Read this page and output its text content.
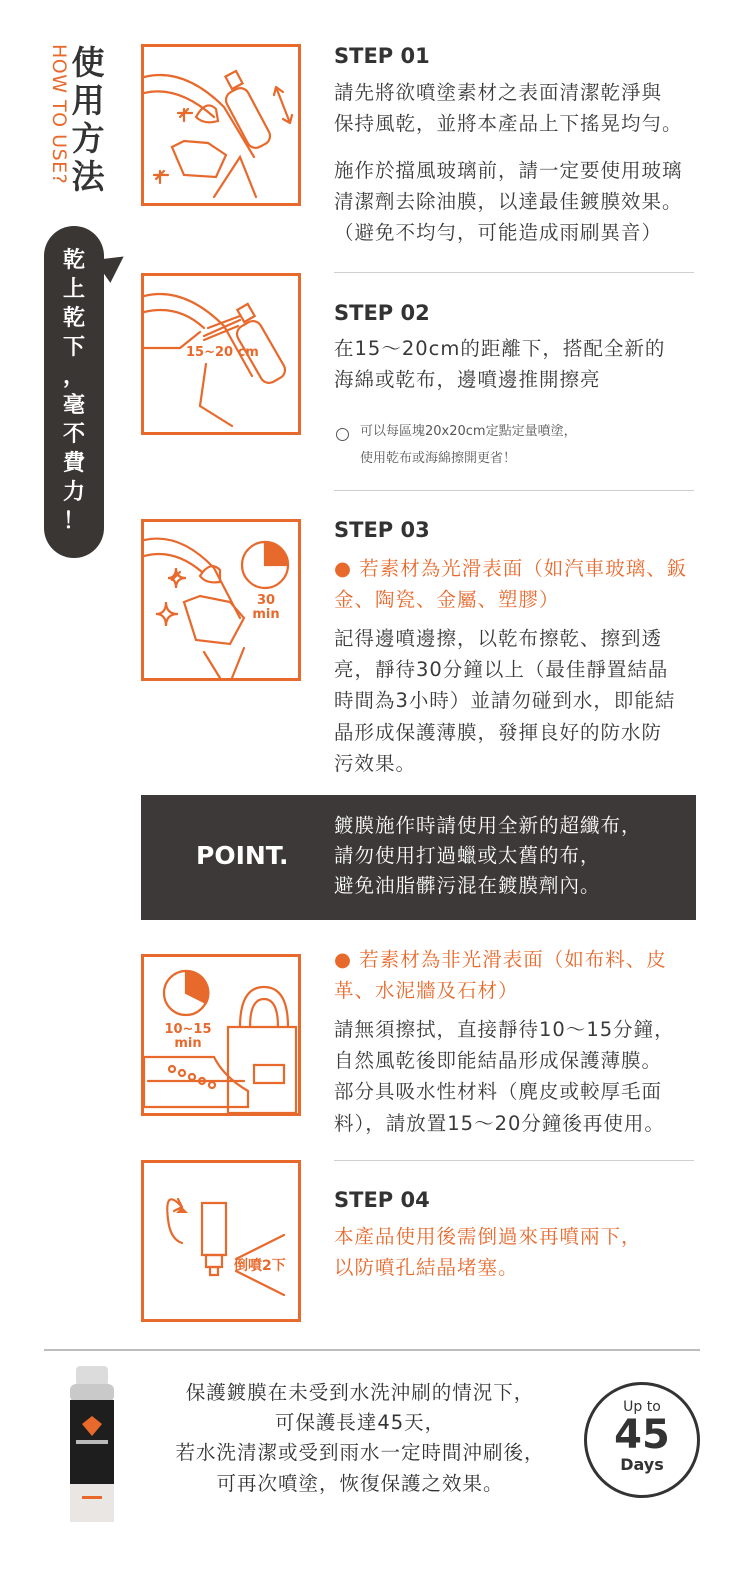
HOW TO USE? 使
用
方
法
乾
上
乾
下
，
毫
不
費
力
！
STEP 01
請先將欲噴塗素材之表面清潔乾淨與
保持風乾，並將本產品上下搖晃均勻。
施作於擋風玻璃前，請一定要使用玻璃
清潔劑去除油膜，以達最佳鍍膜效果。
（避免不均勻，可能造成雨刷異音）
15~20 cm
STEP 02
在15～20cm的距離下，搭配全新的
海綿或乾布，邊噴邊推開擦亮
可以每區塊20x20cm定點定量噴塗，
使用乾布或海綿擦開更省！
30
min
STEP 03
● 若素材為光滑表面（如汽車玻璃、鈑
金、陶瓷、金屬、塑膠）
記得邊噴邊擦，以乾布擦乾、擦到透
亮，靜待30分鐘以上（最佳靜置結晶
時間為3小時）並請勿碰到水，即能結
晶形成保護薄膜，發揮良好的防水防
污效果。
POINT.
鍍膜施作時請使用全新的超纖布，
請勿使用打過蠟或太舊的布，
避免油脂髒污混在鍍膜劑內。
10~15
min
● 若素材為非光滑表面（如布料、皮
革、水泥牆及石材）
請無須擦拭，直接靜待10～15分鐘，
自然風乾後即能結晶形成保護薄膜。
部分具吸水性材料（麂皮或較厚毛面
料），請放置15～20分鐘後再使用。
倒噴2下
STEP 04
本產品使用後需倒過來再噴兩下，
以防噴孔結晶堵塞。
保護鍍膜在未受到水洗沖刷的情況下，
可保護長達45天，
若水洗清潔或受到雨水一定時間沖刷後，
可再次噴塗，恢復保護之效果。
Up to
45
Days
